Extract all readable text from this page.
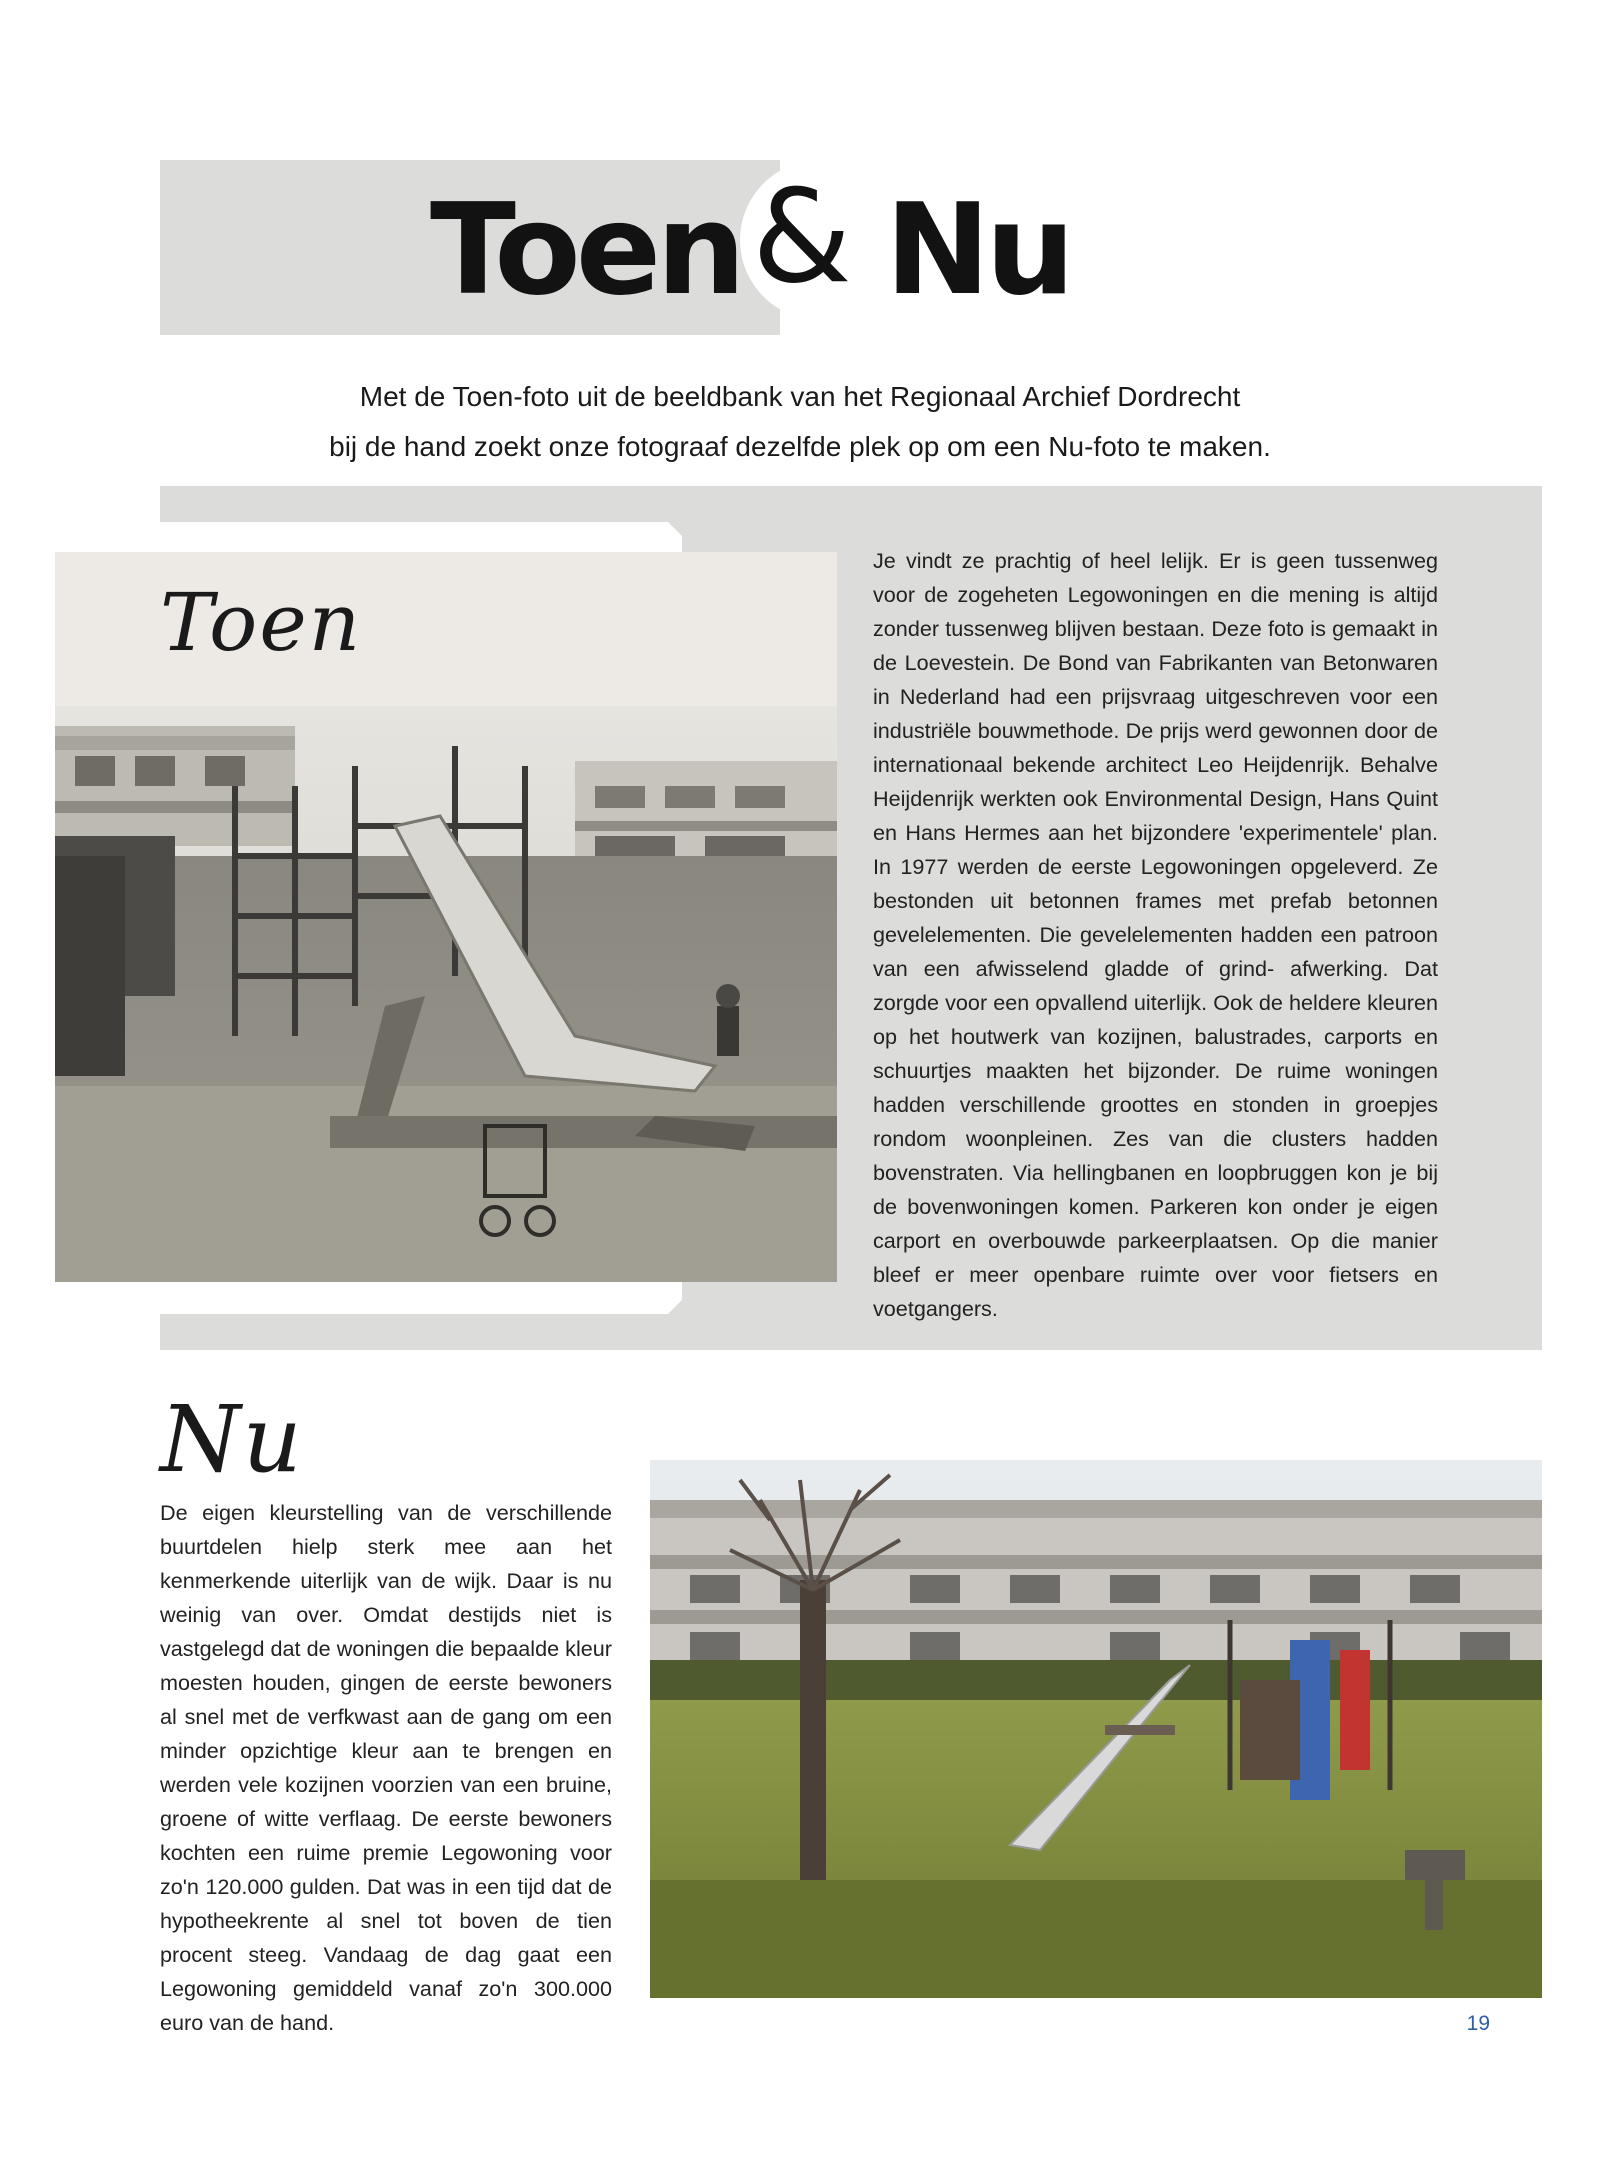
Toen & Nu

Met de Toen-foto uit de beeldbank van het Regionaal Archief Dordrecht

bij de hand zoekt onze fotograaf dezelfde plek op om een Nu-foto te maken.

Toen

Je vindt ze prachtig of heel lelijk. Er is geen tussenweg voor de zogeheten Legowoningen en die mening is altijd zonder tussenweg blijven bestaan. Deze foto is gemaakt in de Loevestein. De Bond van Fabrikanten van Betonwaren in Nederland had een prijsvraag uitgeschreven voor een industriële bouwmethode. De prijs werd gewonnen door de internationaal bekende architect Leo Heijdenrijk. Behalve Heijdenrijk werkten ook Environmental Design, Hans Quint en Hans Hermes aan het bijzondere 'experimentele' plan. In 1977 werden de eerste Legowoningen opgeleverd. Ze bestonden uit betonnen frames met prefab betonnen gevelelementen. Die gevelelementen hadden een patroon van een afwisselend gladde of grind- afwerking. Dat zorgde voor een opvallend uiterlijk. Ook de heldere kleuren op het houtwerk van kozijnen, balustrades, carports en schuurtjes maakten het bijzonder. De ruime woningen hadden verschillende groottes en stonden in groepjes rondom woonpleinen. Zes van die clusters hadden bovenstraten. Via hellingbanen en loopbruggen kon je bij de bovenwoningen komen. Parkeren kon onder je eigen carport en overbouwde parkeerplaatsen. Op die manier bleef er meer openbare ruimte over voor fietsers en voetgangers.

Nu

De eigen kleurstelling van de verschillende buurtdelen hielp sterk mee aan het kenmerkende uiterlijk van de wijk. Daar is nu weinig van over. Omdat destijds niet is vastgelegd dat de woningen die bepaalde kleur moesten houden, gingen de eerste bewoners al snel met de verfkwast aan de gang om een minder opzichtige kleur aan te brengen en werden vele kozijnen voorzien van een bruine, groene of witte verflaag. De eerste bewoners kochten een ruime premie Legowoning voor zo'n 120.000 gulden. Dat was in een tijd dat de hypotheekrente al snel tot boven de tien procent steeg. Vandaag de dag gaat een Legowoning gemiddeld vanaf zo'n 300.000 euro van de hand.	19
